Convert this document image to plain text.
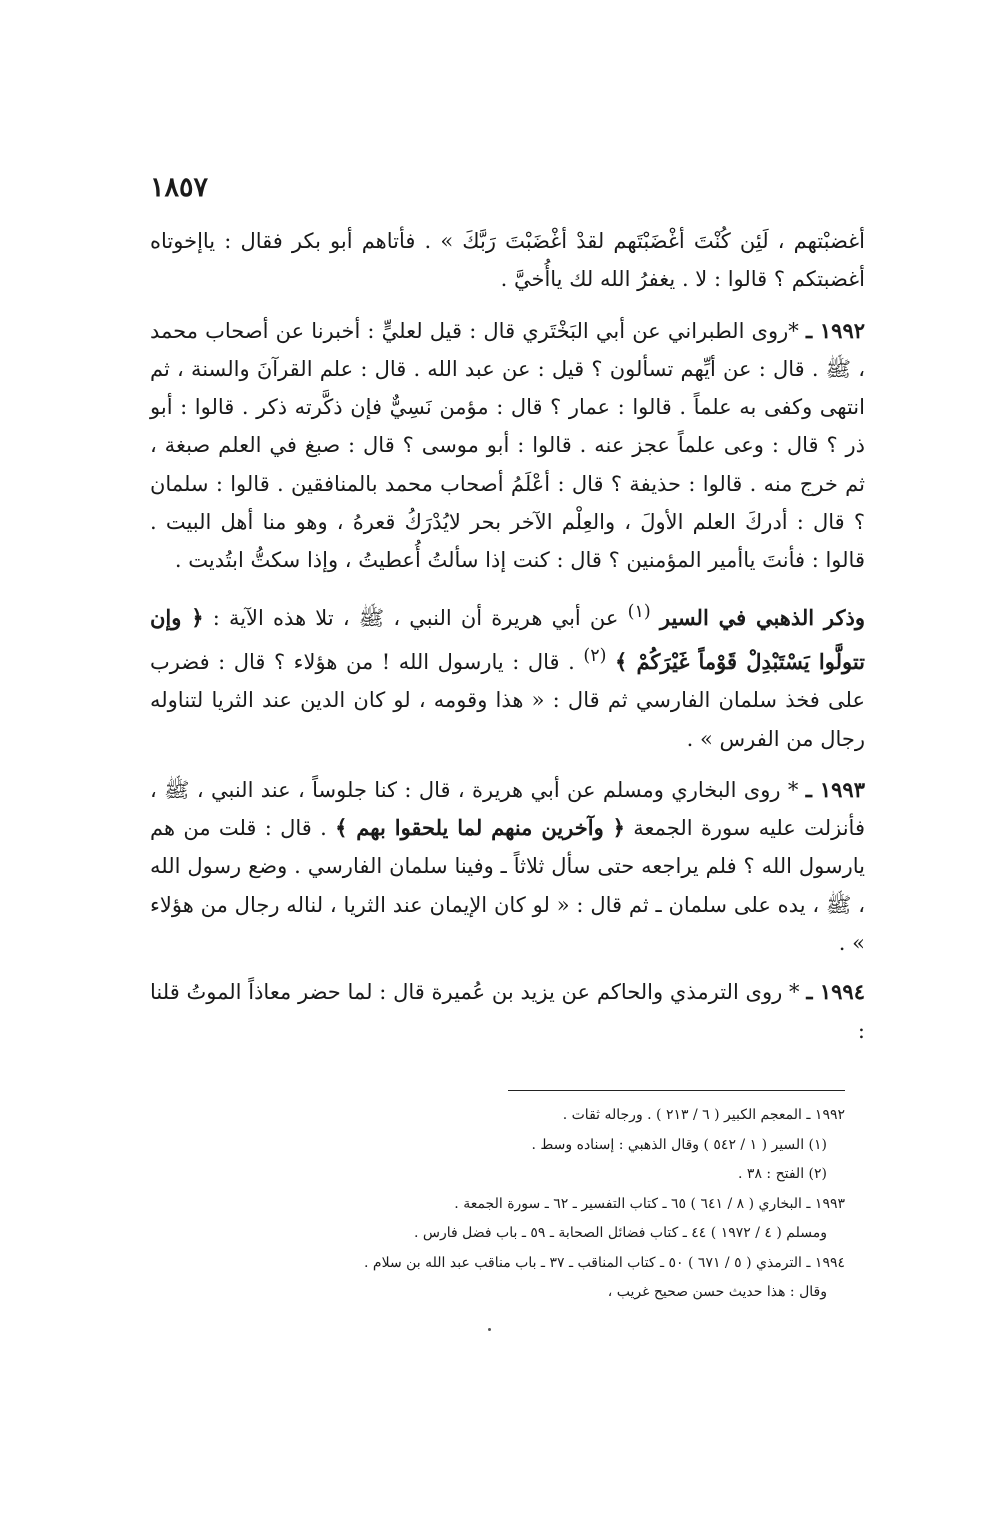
١٨٥٧

أغضبْتهم ، لَئِن كُنْتَ أغْضَبْتَهم لقدْ أغْضَبْتَ رَبَّكَ » . فأتاهم أبو بكر فقال : ياإخوتاه أغضبتكم ؟ قالوا : لا . يغفرُ الله لك ياأُخيَّ .

١٩٩٢ ـ *روى الطبراني عن أبي البَخْتَري قال : قيل لعليٍّ : أخبرنا عن أصحاب محمد ، ﷺ . قال : عن أيِّهم تسألون ؟ قيل : عن عبد الله . قال : علم القرآنَ والسنة ، ثم انتهى وكفى به علماً . قالوا : عمار ؟ قال : مؤمن نَسِيٌّ فإن ذكَّرته ذكر . قالوا : أبو ذر ؟ قال : وعى علماً عجز عنه . قالوا : أبو موسى ؟ قال : صبغ في العلم صبغة ، ثم خرج منه . قالوا : حذيفة ؟ قال : أعْلَمُ أصحاب محمد بالمنافقين . قالوا : سلمان ؟ قال : أدركَ العلم الأولَ ، والعِلْم الآخر بحر لايُدْرَكُ قعرهُ ، وهو منا أهل البيت . قالوا : فأنتَ ياأمير المؤمنين ؟ قال : كنت إذا سألتُ أُعطيتُ ، وإذا سكتُّ ابتُديت .

وذكر الذهبي في السير $^{(١)}$ عن أبي هريرة أن النبي ، ﷺ ، تلا هذه الآية : ﴿ وإن تتولَّوا يَسْتَبْدِلْ قَوْماً غَيْرَكُمْ ﴾ $^{(٢)}$ . قال : يارسول الله ! من هؤلاء ؟ قال : فضرب على فخذ سلمان الفارسي ثم قال : « هذا وقومه ، لو كان الدين عند الثريا لتناوله رجال من الفرس » .

١٩٩٣ ـ * روى البخاري ومسلم عن أبي هريرة ، قال : كنا جلوساً ، عند النبي ، ﷺ ، فأنزلت عليه سورة الجمعة ﴿ وآخرين منهم لما يلحقوا بهم ﴾ . قال : قلت من هم يارسول الله ؟ فلم يراجعه حتى سأل ثلاثاً ـ وفينا سلمان الفارسي . وضع رسول الله ، ﷺ ، يده على سلمان ـ ثم قال : « لو كان الإيمان عند الثريا ، لناله رجال من هؤلاء » .

١٩٩٤ ـ * روى الترمذي والحاكم عن يزيد بن عُميرة قال : لما حضر معاذاً الموتُ قلنا :

١٩٩٢ ـ المعجم الكبير ( ٦ / ٢١٣ ) . ورجاله ثقات .

(١) السير ( ١ / ٥٤٢ ) وقال الذهبي : إسناده وسط .

(٢) الفتح : ٣٨ .

١٩٩٣ ـ البخاري ( ٨ / ٦٤١ ) ٦٥ ـ كتاب التفسير ـ ٦٢ ـ سورة الجمعة .

ومسلم ( ٤ / ١٩٧٢ ) ٤٤ ـ كتاب فضائل الصحابة ـ ٥٩ ـ باب فضل فارس .

١٩٩٤ ـ الترمذي ( ٥ / ٦٧١ ) ٥٠ ـ كتاب المناقب ـ ٣٧ ـ باب مناقب عبد الله بن سلام .

وقال : هذا حديث حسن صحيح غريب ،
